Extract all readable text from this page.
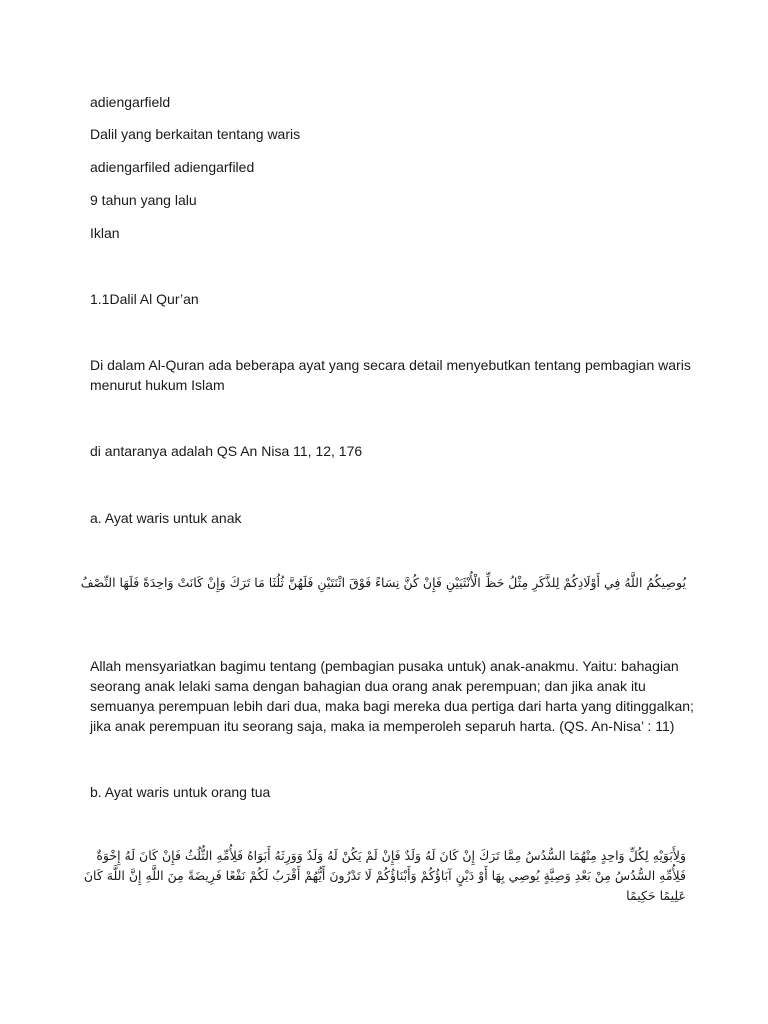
adiengarfield
Dalil yang berkaitan tentang waris
adiengarfiled adiengarfiled
9 tahun yang lalu
Iklan
1.1Dalil Al Qur’an
Di dalam Al-Quran ada beberapa ayat yang secara detail menyebutkan tentang pembagian waris
menurut hukum Islam
di antaranya adalah QS An Nisa 11, 12, 176
a. Ayat waris untuk anak
يُوصِيكُمُ اللَّهُ فِي أَوْلَادِكُمْ لِلذَّكَرِ مِثْلُ حَظِّ الْأُنْثَيَيْنِ فَإِنْ كُنَّ نِسَاءً فَوْقَ اثْنَتَيْنِ فَلَهُنَّ ثُلُثَا مَا تَرَكَ وَإِنْ كَانَتْ وَاحِدَةً فَلَهَا النِّصْفُ
Allah mensyariatkan bagimu tentang (pembagian pusaka untuk) anak-anakmu. Yaitu: bahagian
seorang anak lelaki sama dengan bahagian dua orang anak perempuan; dan jika anak itu
semuanya perempuan lebih dari dua, maka bagi mereka dua pertiga dari harta yang ditinggalkan;
jika anak perempuan itu seorang saja, maka ia memperoleh separuh harta. (QS. An-Nisa’ : 11)
b. Ayat waris untuk orang tua
وَلِأَبَوَيْهِ لِكُلِّ وَاحِدٍ مِنْهُمَا السُّدُسُ مِمَّا تَرَكَ إِنْ كَانَ لَهُ وَلَدٌ فَإِنْ لَمْ يَكُنْ لَهُ وَلَدٌ وَوَرِثَهُ أَبَوَاهُ فَلِأُمِّهِ الثُّلُثُ فَإِنْ كَانَ لَهُ إِخْوَةٌ فَلِأُمِّهِ السُّدُسُ مِنْ بَعْدِ وَصِيَّةٍ يُوصِي بِهَا أَوْ دَيْنٍ آبَاؤُكُمْ وَأَبْنَاؤُكُمْ لَا تَدْرُونَ أَيُّهُمْ أَقْرَبُ لَكُمْ نَفْعًا فَرِيضَةً مِنَ اللَّهِ إِنَّ اللَّهَ كَانَ عَلِيمًا حَكِيمًا
